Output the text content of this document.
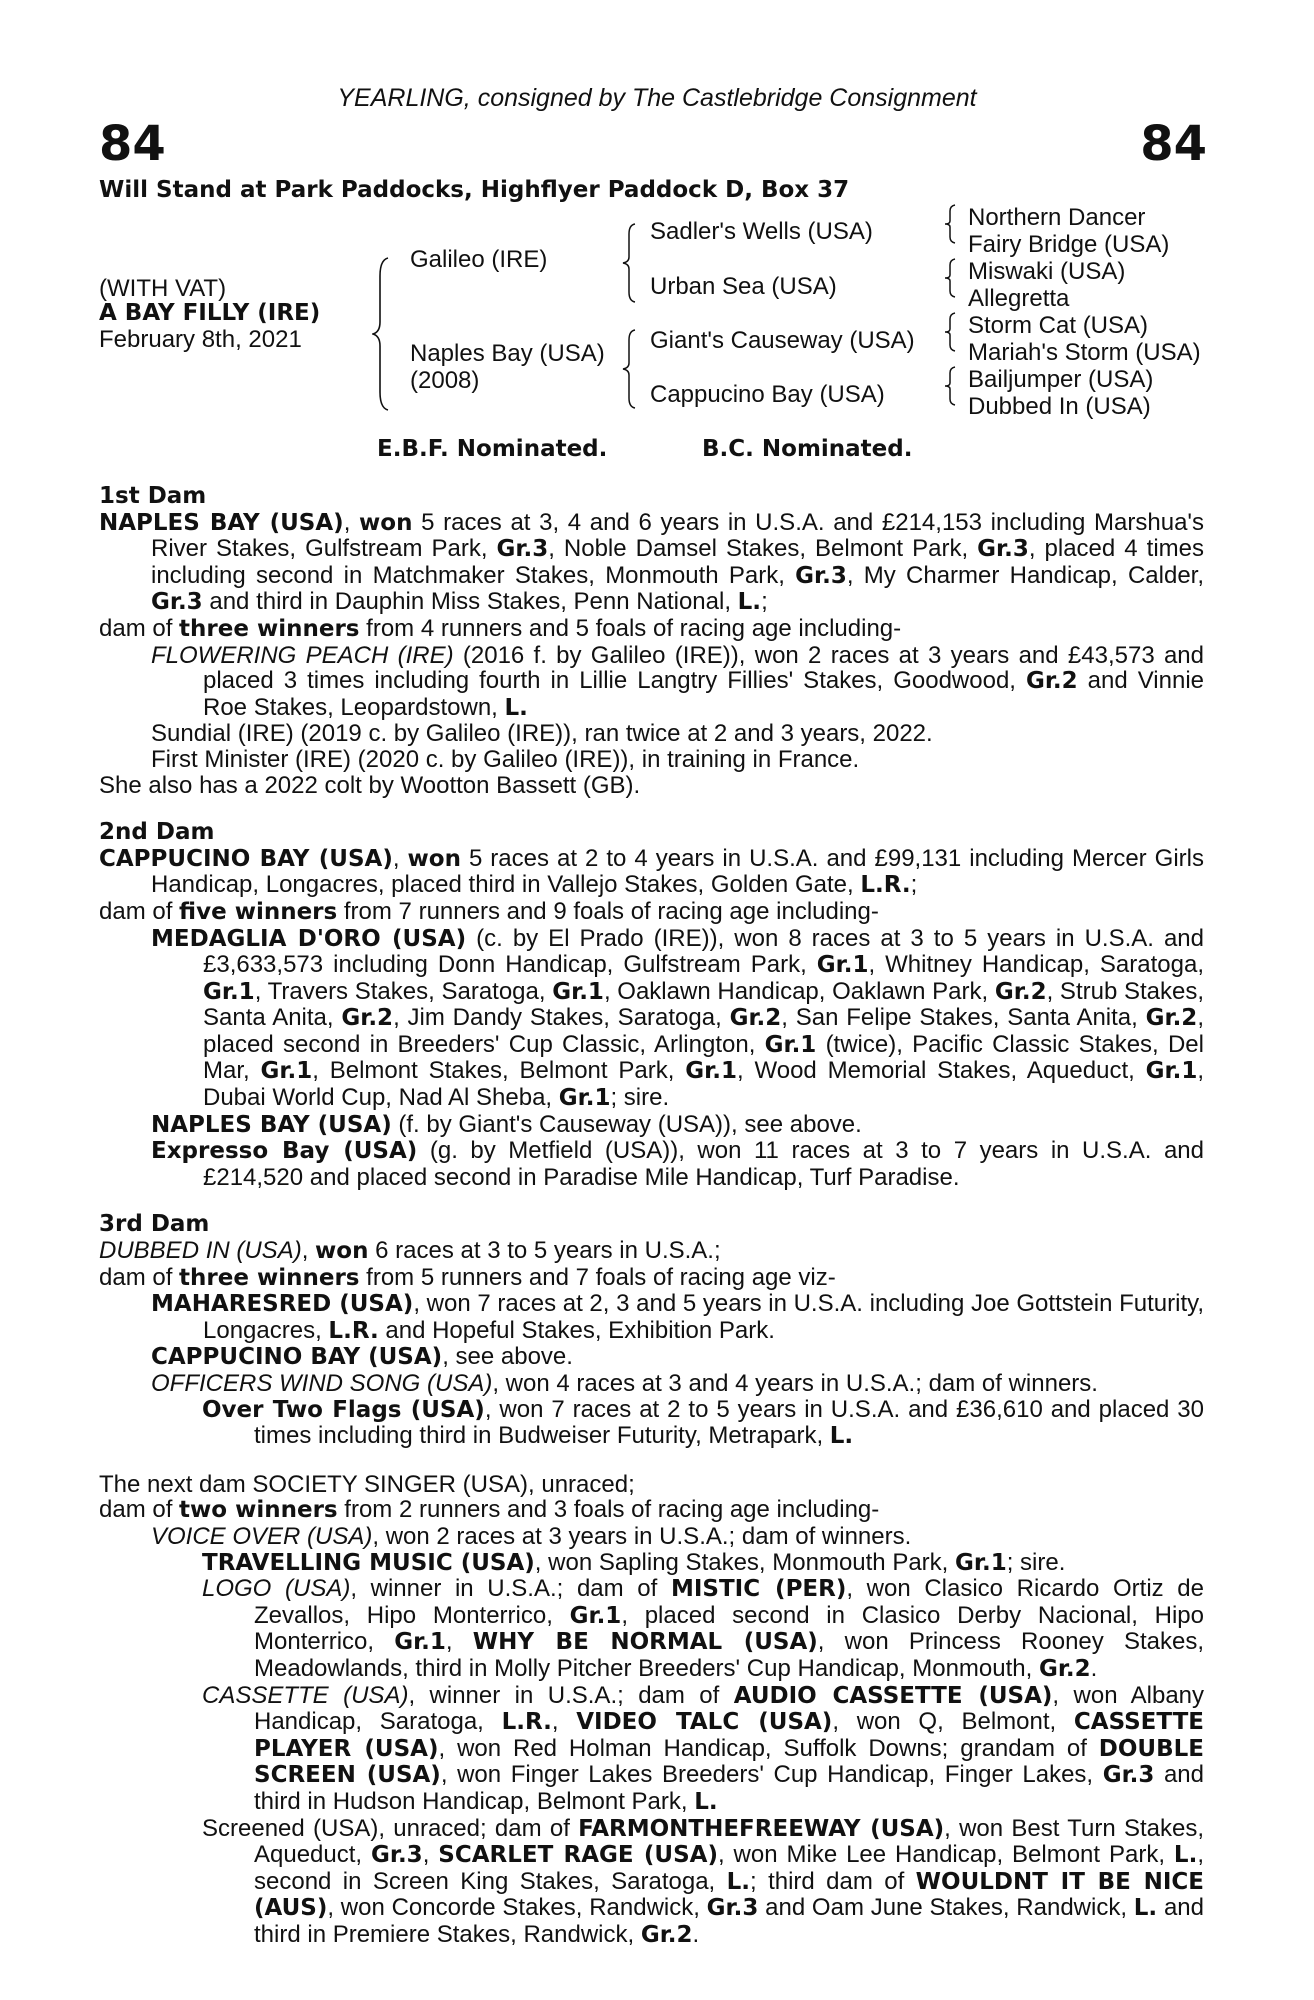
YEARLING, consigned by The Castlebridge Consignment
84	84
Will Stand at Park Paddocks, Highflyer Paddock D, Box 37
(WITH VAT)
A BAY FILLY (IRE)
February 8th, 2021
Galileo (IRE)
Naples Bay (USA)
(2008)
Sadler's Wells (USA)
Urban Sea (USA)
Giant's Causeway (USA)
Cappucino Bay (USA)
Northern Dancer
Fairy Bridge (USA)
Miswaki (USA)
Allegretta
Storm Cat (USA)
Mariah's Storm (USA)
Bailjumper (USA)
Dubbed In (USA)
E.B.F. Nominated.	B.C. Nominated.

1st Dam

NAPLES BAY (USA), won 5 races at 3, 4 and 6 years in U.S.A. and £214,153 including Marshua's River Stakes, Gulfstream Park, Gr.3, Noble Damsel Stakes, Belmont Park, Gr.3, placed 4 times including second in Matchmaker Stakes, Monmouth Park, Gr.3, My Charmer Handicap, Calder, Gr.3 and third in Dauphin Miss Stakes, Penn National, L.;

dam of three winners from 4 runners and 5 foals of racing age including-

FLOWERING PEACH (IRE) (2016 f. by Galileo (IRE)), won 2 races at 3 years and £43,573 and placed 3 times including fourth in Lillie Langtry Fillies' Stakes, Goodwood, Gr.2 and Vinnie Roe Stakes, Leopardstown, L.

Sundial (IRE) (2019 c. by Galileo (IRE)), ran twice at 2 and 3 years, 2022.

First Minister (IRE) (2020 c. by Galileo (IRE)), in training in France.

She also has a 2022 colt by Wootton Bassett (GB).

2nd Dam

CAPPUCINO BAY (USA), won 5 races at 2 to 4 years in U.S.A. and £99,131 including Mercer Girls Handicap, Longacres, placed third in Vallejo Stakes, Golden Gate, L.R.;

dam of five winners from 7 runners and 9 foals of racing age including-

MEDAGLIA D'ORO (USA) (c. by El Prado (IRE)), won 8 races at 3 to 5 years in U.S.A. and £3,633,573 including Donn Handicap, Gulfstream Park, Gr.1, Whitney Handicap, Saratoga, Gr.1, Travers Stakes, Saratoga, Gr.1, Oaklawn Handicap, Oaklawn Park, Gr.2, Strub Stakes, Santa Anita, Gr.2, Jim Dandy Stakes, Saratoga, Gr.2, San Felipe Stakes, Santa Anita, Gr.2, placed second in Breeders' Cup Classic, Arlington, Gr.1 (twice), Pacific Classic Stakes, Del Mar, Gr.1, Belmont Stakes, Belmont Park, Gr.1, Wood Memorial Stakes, Aqueduct, Gr.1, Dubai World Cup, Nad Al Sheba, Gr.1; sire.

NAPLES BAY (USA) (f. by Giant's Causeway (USA)), see above.

Expresso Bay (USA) (g. by Metfield (USA)), won 11 races at 3 to 7 years in U.S.A. and £214,520 and placed second in Paradise Mile Handicap, Turf Paradise.

3rd Dam

DUBBED IN (USA), won 6 races at 3 to 5 years in U.S.A.;

dam of three winners from 5 runners and 7 foals of racing age viz-

MAHARESRED (USA), won 7 races at 2, 3 and 5 years in U.S.A. including Joe Gottstein Futurity, Longacres, L.R. and Hopeful Stakes, Exhibition Park.

CAPPUCINO BAY (USA), see above.

OFFICERS WIND SONG (USA), won 4 races at 3 and 4 years in U.S.A.; dam of winners.

Over Two Flags (USA), won 7 races at 2 to 5 years in U.S.A. and £36,610 and placed 30 times including third in Budweiser Futurity, Metrapark, L.

The next dam SOCIETY SINGER (USA), unraced;

dam of two winners from 2 runners and 3 foals of racing age including-

VOICE OVER (USA), won 2 races at 3 years in U.S.A.; dam of winners.

TRAVELLING MUSIC (USA), won Sapling Stakes, Monmouth Park, Gr.1; sire.

LOGO (USA), winner in U.S.A.; dam of MISTIC (PER), won Clasico Ricardo Ortiz de Zevallos, Hipo Monterrico, Gr.1, placed second in Clasico Derby Nacional, Hipo Monterrico, Gr.1, WHY BE NORMAL (USA), won Princess Rooney Stakes, Meadowlands, third in Molly Pitcher Breeders' Cup Handicap, Monmouth, Gr.2.

CASSETTE (USA), winner in U.S.A.; dam of AUDIO CASSETTE (USA), won Albany Handicap, Saratoga, L.R., VIDEO TALC (USA), won Q, Belmont, CASSETTE PLAYER (USA), won Red Holman Handicap, Suffolk Downs; grandam of DOUBLE SCREEN (USA), won Finger Lakes Breeders' Cup Handicap, Finger Lakes, Gr.3 and third in Hudson Handicap, Belmont Park, L.

Screened (USA), unraced; dam of FARMONTHEFREEWAY (USA), won Best Turn Stakes, Aqueduct, Gr.3, SCARLET RAGE (USA), won Mike Lee Handicap, Belmont Park, L., second in Screen King Stakes, Saratoga, L.; third dam of WOULDNT IT BE NICE (AUS), won Concorde Stakes, Randwick, Gr.3 and Oam June Stakes, Randwick, L. and third in Premiere Stakes, Randwick, Gr.2.
